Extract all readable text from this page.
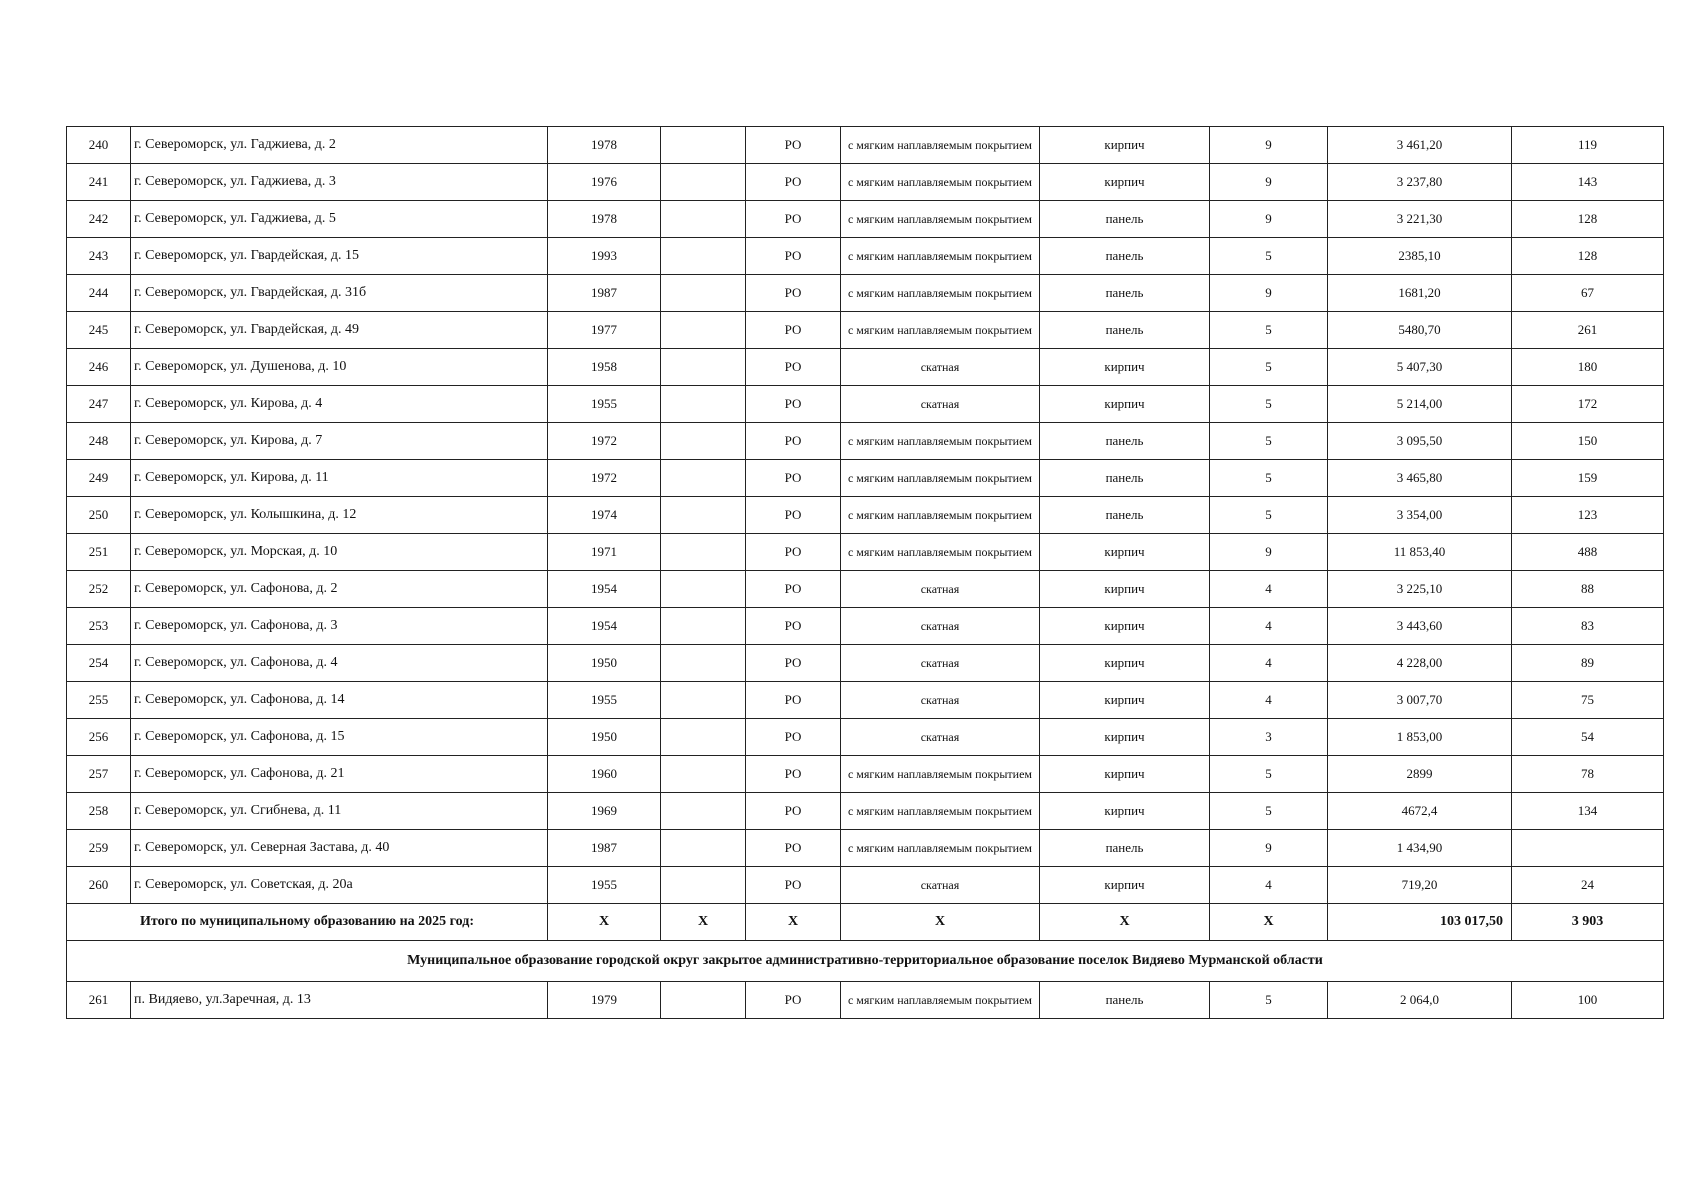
240	г. Североморск, ул. Гаджиева, д. 2	1978		РО	с мягким наплавляемым покрытием	кирпич	9	3 461,20	119
241	г. Североморск, ул. Гаджиева, д. 3	1976		РО	с мягким наплавляемым покрытием	кирпич	9	3 237,80	143
242	г. Североморск, ул. Гаджиева, д. 5	1978		РО	с мягким наплавляемым покрытием	панель	9	3 221,30	128
243	г. Североморск, ул. Гвардейская, д. 15	1993		РО	с мягким наплавляемым покрытием	панель	5	2385,10	128
244	г. Североморск, ул. Гвардейская, д. 31б	1987		РО	с мягким наплавляемым покрытием	панель	9	1681,20	67
245	г. Североморск, ул. Гвардейская, д. 49	1977		РО	с мягким наплавляемым покрытием	панель	5	5480,70	261
246	г. Североморск, ул. Душенова, д. 10	1958		РО	скатная	кирпич	5	5 407,30	180
247	г. Североморск, ул. Кирова, д. 4	1955		РО	скатная	кирпич	5	5 214,00	172
248	г. Североморск, ул. Кирова, д. 7	1972		РО	с мягким наплавляемым покрытием	панель	5	3 095,50	150
249	г. Североморск, ул. Кирова, д. 11	1972		РО	с мягким наплавляемым покрытием	панель	5	3 465,80	159
250	г. Североморск, ул. Колышкина, д. 12	1974		РО	с мягким наплавляемым покрытием	панель	5	3 354,00	123
251	г. Североморск, ул. Морская, д. 10	1971		РО	с мягким наплавляемым покрытием	кирпич	9	11 853,40	488
252	г. Североморск, ул. Сафонова, д. 2	1954		РО	скатная	кирпич	4	3 225,10	88
253	г. Североморск, ул. Сафонова, д. 3	1954		РО	скатная	кирпич	4	3 443,60	83
254	г. Североморск, ул. Сафонова, д. 4	1950		РО	скатная	кирпич	4	4 228,00	89
255	г. Североморск, ул. Сафонова, д. 14	1955		РО	скатная	кирпич	4	3 007,70	75
256	г. Североморск, ул. Сафонова, д. 15	1950		РО	скатная	кирпич	3	1 853,00	54
257	г. Североморск, ул. Сафонова, д. 21	1960		РО	с мягким наплавляемым покрытием	кирпич	5	2899	78
258	г. Североморск, ул. Сгибнева, д. 11	1969		РО	с мягким наплавляемым покрытием	кирпич	5	4672,4	134
259	г. Североморск, ул. Северная Застава, д. 40	1987		РО	с мягким наплавляемым покрытием	панель	9	1 434,90	
260	г. Североморск, ул. Советская, д. 20а	1955		РО	скатная	кирпич	4	719,20	24
Итого по муниципальному образованию на 2025 год:		Х	Х	Х	Х	Х	Х	103 017,50	3 903
Муниципальное образование городской округ закрытое административно-территориальное образование поселок Видяево Мурманской области									
261	п. Видяево, ул.Заречная, д. 13	1979		РО	с мягким наплавляемым покрытием	панель	5	2 064,0	100
